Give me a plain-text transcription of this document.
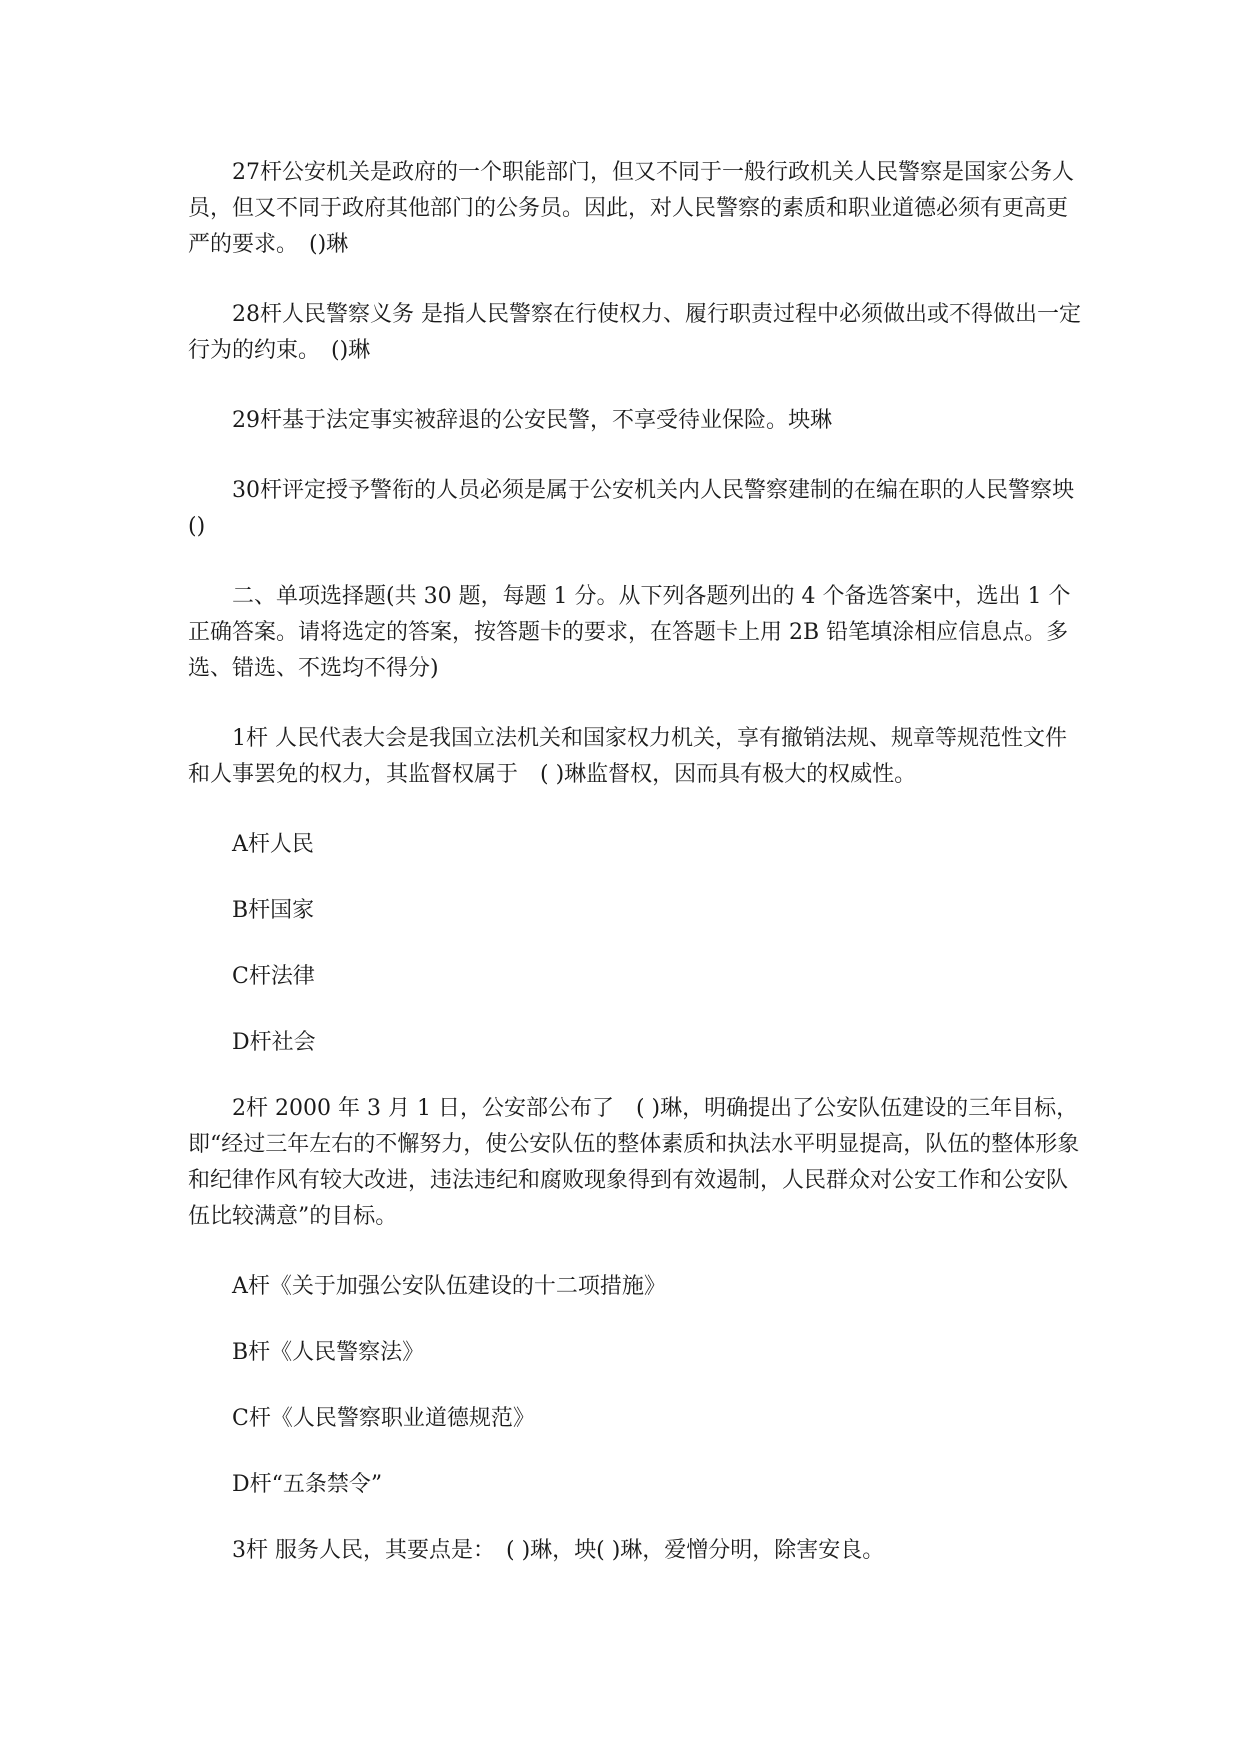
27杆公安机关是政府的一个职能部门，但又不同于一般行政机关人民警察是国家公务人员，但又不同于政府其他部门的公务员。因此，对人民警察的素质和职业道德必须有更高更严的要求。　()琳

28杆人民警察义务 是指人民警察在行使权力、履行职责过程中必须做出或不得做出一定行为的约束。　()琳

29杆基于法定事实被辞退的公安民警，不享受待业保险。坱琳

30杆评定授予警衔的人员必须是属于公安机关内人民警察建制的在编在职的人民警察坱()

二、单项选择题(共 30 题，每题 1 分。从下列各题列出的 4 个备选答案中，选出 1 个正确答案。请将选定的答案，按答题卡的要求，在答题卡上用 2B 铅笔填涂相应信息点。多选、错选、不选均不得分)

1杆 人民代表大会是我国立法机关和国家权力机关，享有撤销法规、规章等规范性文件和人事罢免的权力，其监督权属于　( )琳监督权，因而具有极大的权威性。

A杆人民

B杆国家

C杆法律

D杆社会

2杆 2000 年 3 月 1 日，公安部公布了　( )琳，明确提出了公安队伍建设的三年目标，即“经过三年左右的不懈努力，使公安队伍的整体素质和执法水平明显提高，队伍的整体形象和纪律作风有较大改进，违法违纪和腐败现象得到有效遏制，人民群众对公安工作和公安队伍比较满意”的目标。

A杆《关于加强公安队伍建设的十二项措施》

B杆《人民警察法》

C杆《人民警察职业道德规范》

D杆“五条禁令”

3杆 服务人民，其要点是：　( )琳，坱( )琳，爱憎分明，除害安良。
